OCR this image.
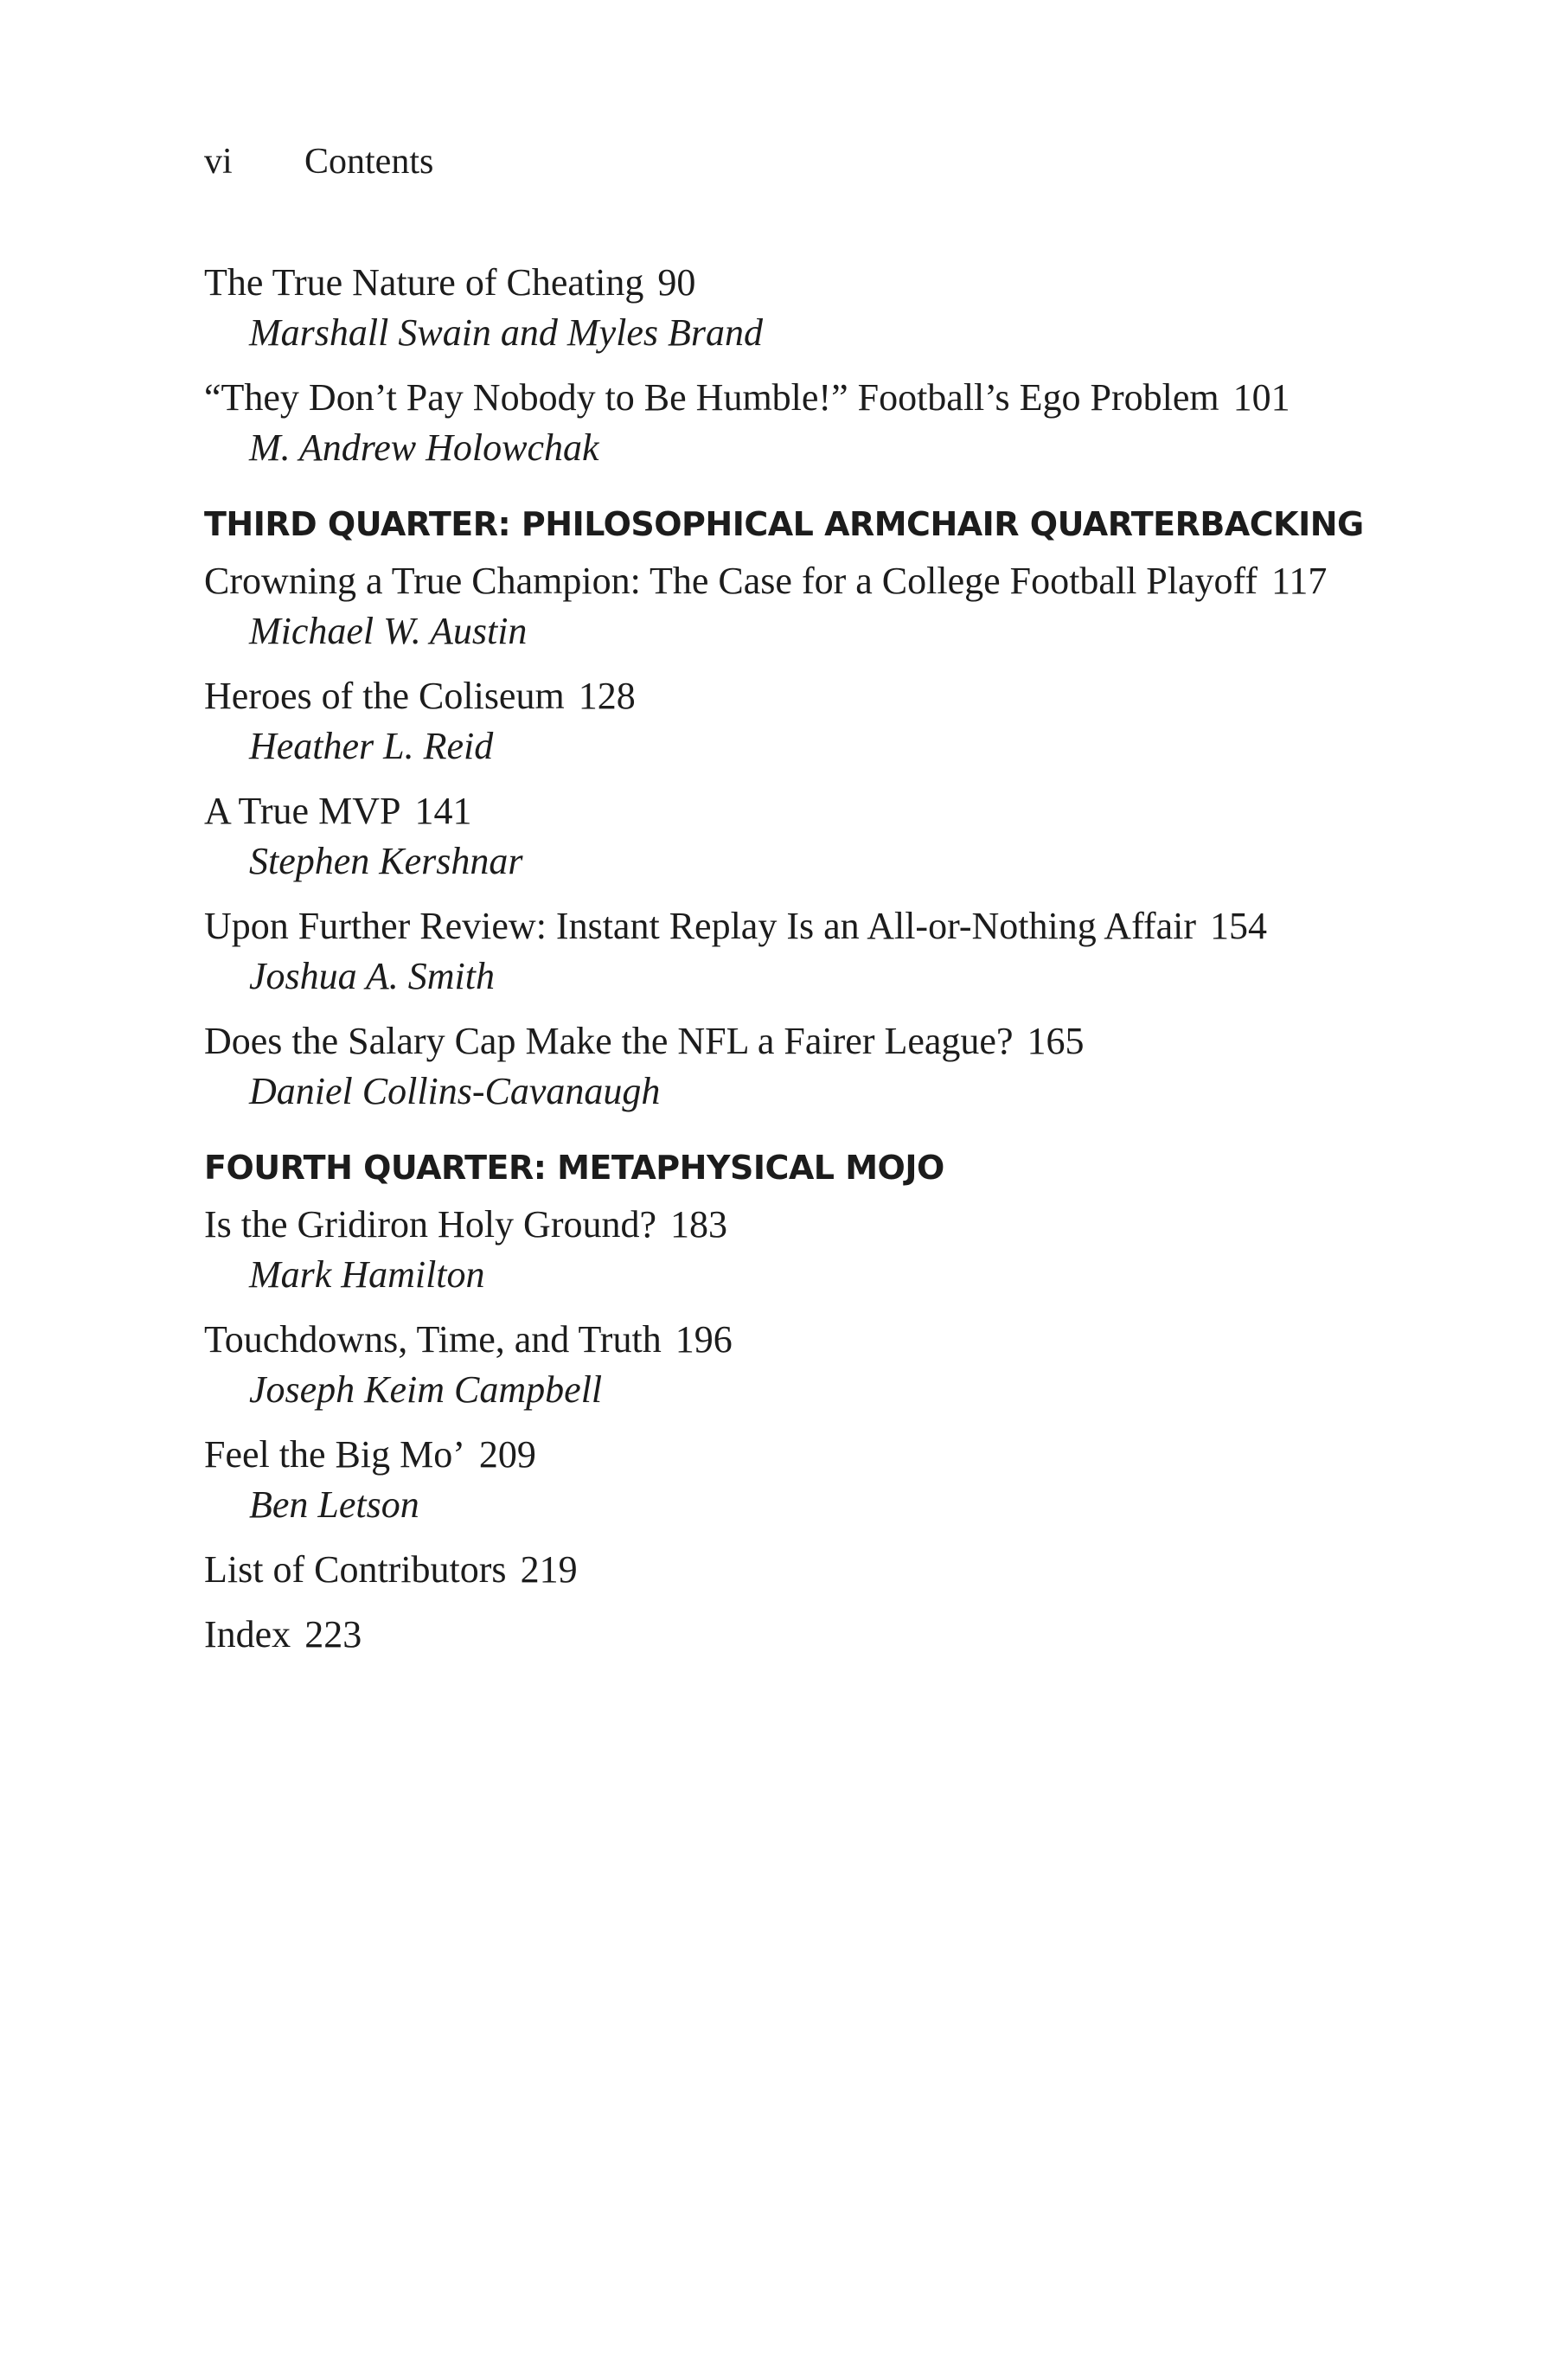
vi Contents
The True Nature of Cheating 90
Marshall Swain and Myles Brand
“They Don’t Pay Nobody to Be Humble!” Football’s Ego Problem 101
M. Andrew Holowchak
THIRD QUARTER: PHILOSOPHICAL ARMCHAIR QUARTERBACKING
Crowning a True Champion: The Case for a College Football Playoff 117
Michael W. Austin
Heroes of the Coliseum 128
Heather L. Reid
A True MVP 141
Stephen Kershnar
Upon Further Review: Instant Replay Is an All-or-Nothing Affair 154
Joshua A. Smith
Does the Salary Cap Make the NFL a Fairer League? 165
Daniel Collins-Cavanaugh
FOURTH QUARTER: METAPHYSICAL MOJO
Is the Gridiron Holy Ground? 183
Mark Hamilton
Touchdowns, Time, and Truth 196
Joseph Keim Campbell
Feel the Big Mo’ 209
Ben Letson
List of Contributors 219
Index 223
